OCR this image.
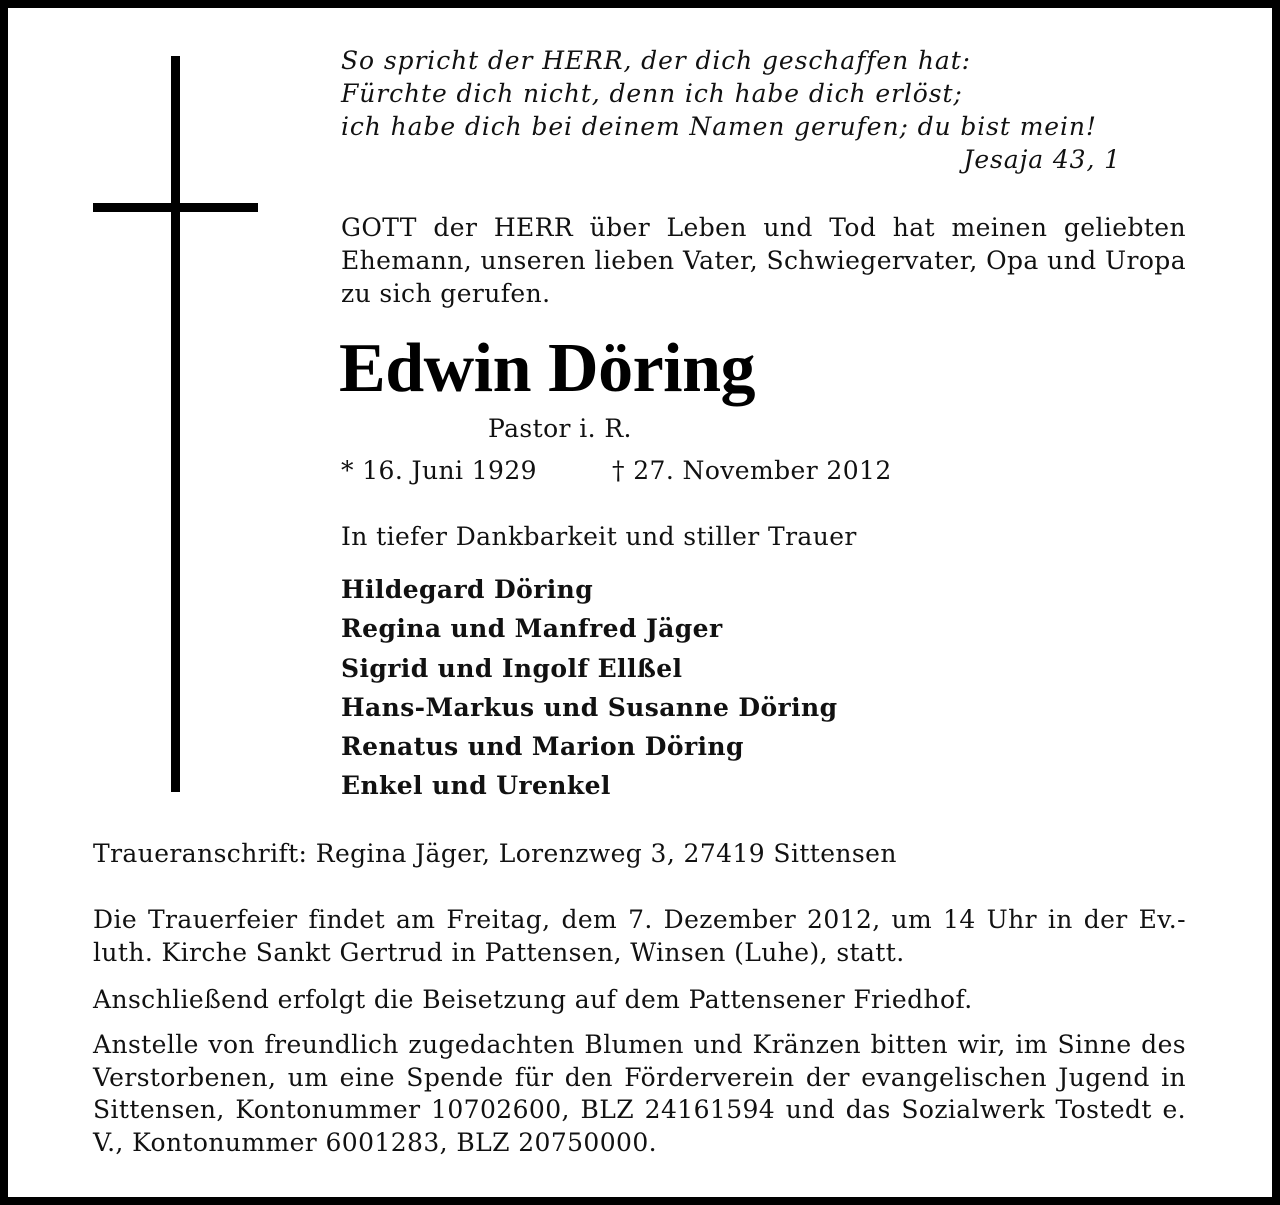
So spricht der HERR, der dich geschaffen hat:
Fürchte dich nicht, denn ich habe dich erlöst;
ich habe dich bei deinem Namen gerufen; du bist mein!
Jesaja 43, 1
GOTT der HERR über Leben und Tod hat meinen geliebten Ehemann, unseren lieben Vater, Schwiegervater, Opa und Uropa zu sich gerufen.
Edwin Döring
Pastor i. R.
* 16. Juni 1929	† 27. November 2012
In tiefer Dankbarkeit und stiller Trauer
Hildegard Döring
Regina und Manfred Jäger
Sigrid und Ingolf Ellßel
Hans-Markus und Susanne Döring
Renatus und Marion Döring
Enkel und Urenkel
Traueranschrift: Regina Jäger, Lorenzweg 3, 27419 Sittensen
Die Trauerfeier findet am Freitag, dem 7. Dezember 2012, um 14 Uhr in der Ev.-luth. Kirche Sankt Gertrud in Pattensen, Winsen (Luhe), statt.
Anschließend erfolgt die Beisetzung auf dem Pattensener Friedhof.
Anstelle von freundlich zugedachten Blumen und Kränzen bitten wir, im Sinne des Verstorbenen, um eine Spende für den Förderverein der evangelischen Jugend in Sittensen, Kontonummer 10702600, BLZ 24161594 und das Sozialwerk Tostedt e. V., Kontonummer 6001283, BLZ 20750000.
